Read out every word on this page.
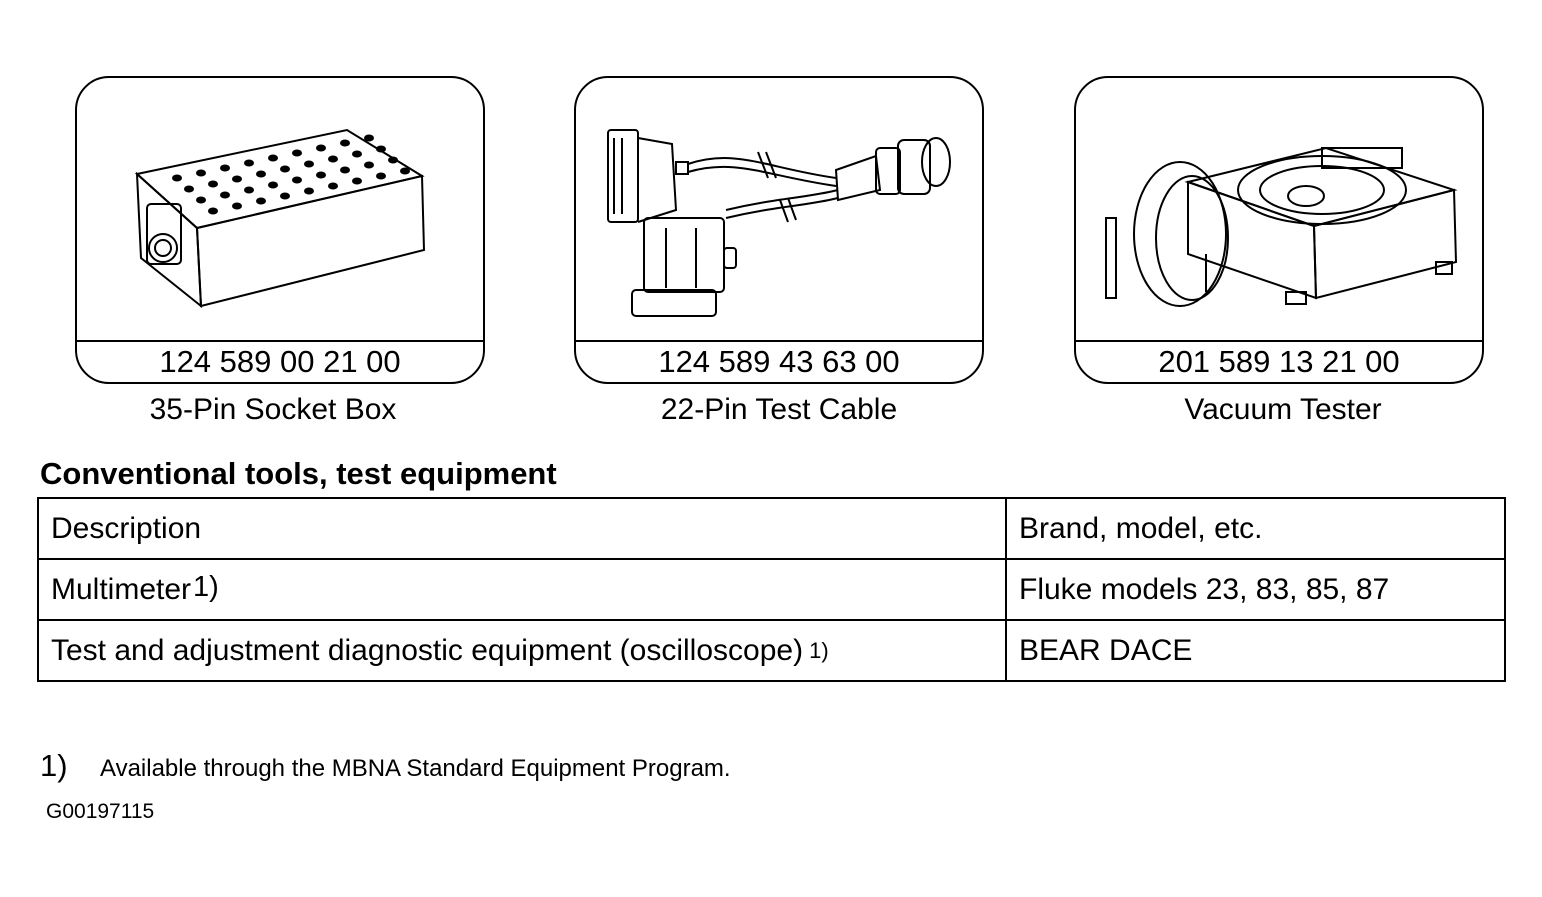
124 589 00 21 00
35-Pin Socket Box
124 589 43 63 00
22-Pin Test Cable
201 589 13 21 00
Vacuum Tester
Conventional tools, test equipment
Description	Brand, model, etc.
Multimeter1)	Fluke models 23, 83, 85, 87
Test and adjustment diagnostic equipment (oscilloscope) 1)	BEAR DACE
1) Available through the MBNA Standard Equipment Program.
G00197115
